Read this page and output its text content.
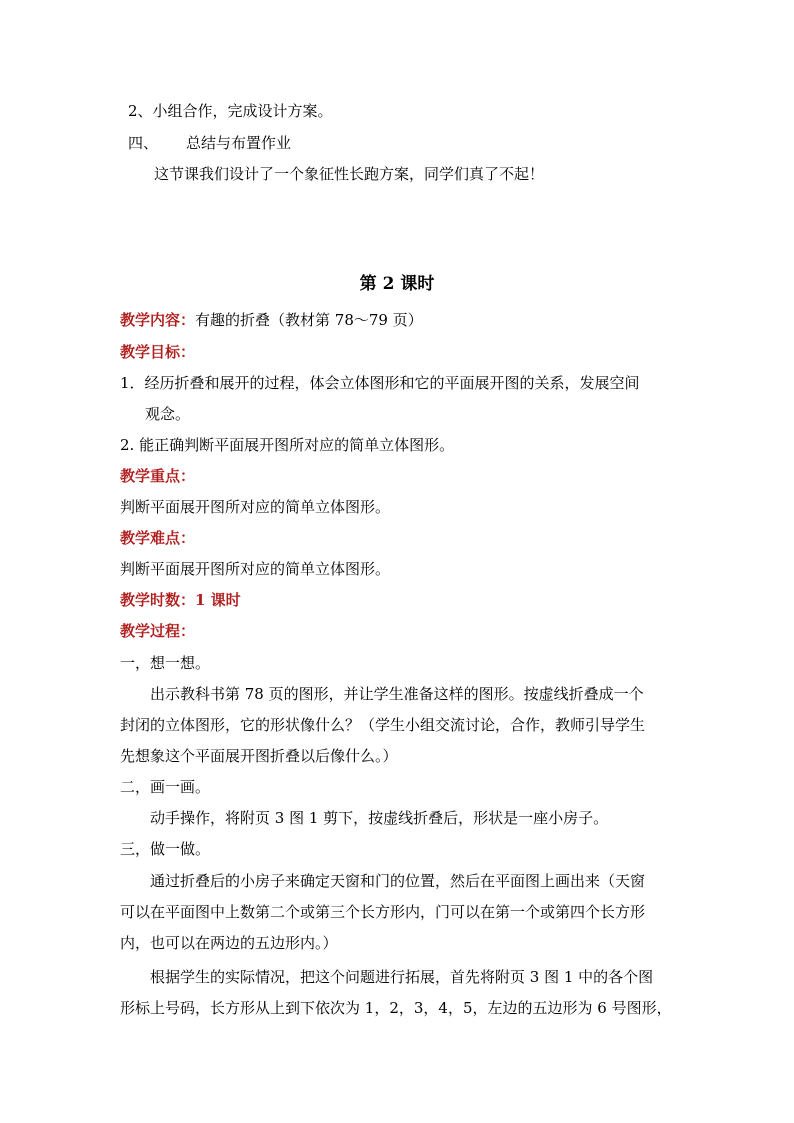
2、小组合作，完成设计方案。
四、 总结与布置作业
这节课我们设计了一个象征性长跑方案，同学们真了不起！
第 2 课时
教学内容：有趣的折叠（教材第 78～79 页）
教学目标：
1．经历折叠和展开的过程，体会立体图形和它的平面展开图的关系，发展空间
观念。
2. 能正确判断平面展开图所对应的简单立体图形。
教学重点：
判断平面展开图所对应的简单立体图形。
教学难点：
判断平面展开图所对应的简单立体图形。
教学时数：1 课时
教学过程：
一，想一想。
出示教科书第 78 页的图形，并让学生准备这样的图形。按虚线折叠成一个
封闭的立体图形，它的形状像什么？（学生小组交流讨论，合作，教师引导学生
先想象这个平面展开图折叠以后像什么。）
二，画一画。
动手操作，将附页 3 图 1 剪下，按虚线折叠后，形状是一座小房子。
三，做一做。
通过折叠后的小房子来确定天窗和门的位置，然后在平面图上画出来（天窗
可以在平面图中上数第二个或第三个长方形内，门可以在第一个或第四个长方形
内，也可以在两边的五边形内。）
根据学生的实际情况，把这个问题进行拓展，首先将附页 3 图 1 中的各个图
形标上号码，长方形从上到下依次为 1，2，3，4，5，左边的五边形为 6 号图形，
